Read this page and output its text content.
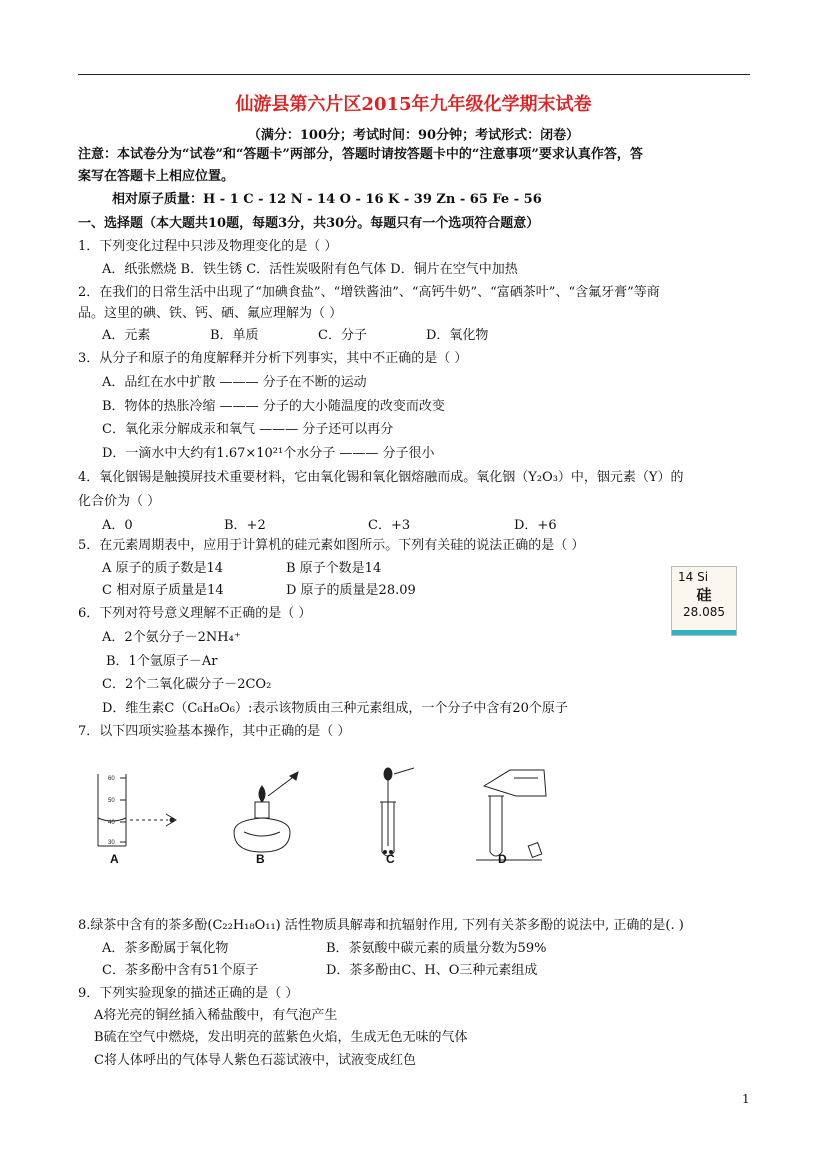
仙游县第六片区2015年九年级化学期末试卷
（满分：100分；考试时间：90分钟；考试形式：闭卷）
注意：本试卷分为“试卷”和“答题卡”两部分，答题时请按答题卡中的“注意事项”要求认真作答，答
案写在答题卡上相应位置。
相对原子质量：H - 1 C - 12 N - 14 O - 16 K - 39 Zn - 65 Fe - 56
一、选择题（本大题共10题，每题3分，共30分。每题只有一个选项符合题意）
1．下列变化过程中只涉及物理变化的是（ ）
A．纸张燃烧 B．铁生锈 C．活性炭吸附有色气体 D．铜片在空气中加热
2．在我们的日常生活中出现了“加碘食盐”、“增铁酱油”、“高钙牛奶”、“富硒茶叶”、“含氟牙膏”等商
品。这里的碘、铁、钙、硒、氟应理解为（ ）
A．元素	B．单质	C．分子	D．氧化物
3．从分子和原子的角度解释并分析下列事实，其中不正确的是（ ）
A．品红在水中扩散 ——— 分子在不断的运动
B．物体的热胀冷缩 ——— 分子的大小随温度的改变而改变
C．氧化汞分解成汞和氧气 ——— 分子还可以再分
D．一滴水中大约有1.67×10²¹个水分子 ——— 分子很小
4．氧化铟锡是触摸屏技术重要材料，它由氧化锡和氧化铟熔融而成。氧化铟（Y₂O₃）中，铟元素（Y）的
化合价为（ ）
A．0	B．+2	C．+3	D．+6
5．在元素周期表中，应用于计算机的硅元素如图所示。下列有关硅的说法正确的是（ ）
A 原子的质子数是14	B 原子个数是14
C 相对原子质量是14	D 原子的质量是28.09
14 Si
硅
28.085
6．下列对符号意义理解不正确的是（ ）
A．2个氨分子－2NH₄⁺
B．1个氩原子－Ar
C．2个二氧化碳分子－2CO₂
D．维生素C（C₆H₈O₆）:表示该物质由三种元素组成，一个分子中含有20个原子
7．以下四项实验基本操作，其中正确的是（ ）
60
50
40
30
A	B	C	D
8.绿茶中含有的茶多酚(C₂₂H₁₈O₁₁) 活性物质具解毒和抗辐射作用, 下列有关茶多酚的说法中, 正确的是(. )
A．茶多酚属于氧化物	B．茶氨酸中碳元素的质量分数为59%
C．茶多酚中含有51个原子	D．茶多酚由C、H、O三种元素组成
9．下列实验现象的描述正确的是（ ）
A将光亮的铜丝插入稀盐酸中，有气泡产生
B硫在空气中燃烧，发出明亮的蓝紫色火焰，生成无色无味的气体
C将人体呼出的气体导人紫色石蕊试液中，试液变成红色
1
